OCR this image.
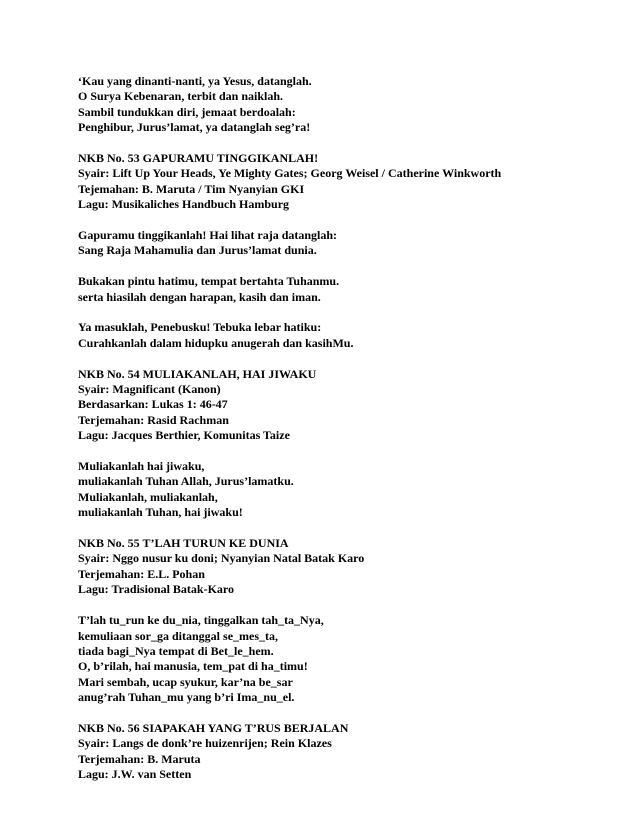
‘Kau yang dinanti-nanti, ya Yesus, datanglah.
O Surya Kebenaran, terbit dan naiklah.
Sambil tundukkan diri, jemaat berdoalah:
Penghibur, Jurus’lamat, ya datanglah seg’ra!
NKB No. 53 GAPURAMU TINGGIKANLAH!
Syair: Lift Up Your Heads, Ye Mighty Gates; Georg Weisel / Catherine Winkworth
Tejemahan: B. Maruta / Tim Nyanyian GKI
Lagu: Musikaliches Handbuch Hamburg
Gapuramu tinggikanlah! Hai lihat raja datanglah:
Sang Raja Mahamulia dan Jurus’lamat dunia.
Bukakan pintu hatimu, tempat bertahta Tuhanmu.
serta hiasilah dengan harapan, kasih dan iman.
Ya masuklah, Penebusku! Tebuka lebar hatiku:
Curahkanlah dalam hidupku anugerah dan kasihMu.
NKB No. 54 MULIAKANLAH, HAI JIWAKU
Syair: Magnificant (Kanon)
Berdasarkan: Lukas 1: 46-47
Terjemahan: Rasid Rachman
Lagu: Jacques Berthier, Komunitas Taize
Muliakanlah hai jiwaku,
muliakanlah Tuhan Allah, Jurus’lamatku.
Muliakanlah, muliakanlah,
muliakanlah Tuhan, hai jiwaku!
NKB No. 55 T’LAH TURUN KE DUNIA
Syair: Nggo nusur ku doni; Nyanyian Natal Batak Karo
Terjemahan: E.L. Pohan
Lagu: Tradisional Batak-Karo
T’lah tu_run ke du_nia, tinggalkan tah_ta_Nya,
kemuliaan sor_ga ditanggal se_mes_ta,
tiada bagi_Nya tempat di Bet_le_hem.
O, b’rilah, hai manusia, tem_pat di ha_timu!
Mari sembah, ucap syukur, kar’na be_sar
anug’rah Tuhan_mu yang b’ri Ima_nu_el.
NKB No. 56 SIAPAKAH YANG T’RUS BERJALAN
Syair: Langs de donk’re huizenrijen; Rein Klazes
Terjemahan: B. Maruta
Lagu: J.W. van Setten
